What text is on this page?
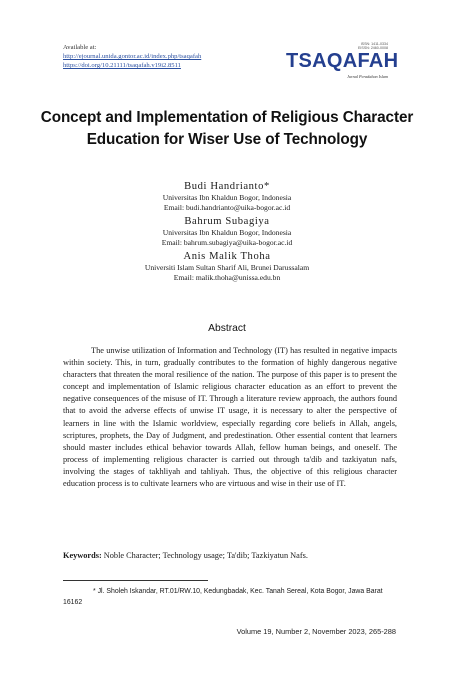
Available at:
http://ejournal.unida.gontor.ac.id/index.php/tsaqafah
https://doi.org/10.21111/tsaqafah.v19i2.8511
ISSN: 1411-0334
EISSN: 2460-0008
TSAQAFAH
Jurnal Peradaban Islam
Concept and Implementation of Religious Character Education for Wiser Use of Technology
Budi Handrianto*
Universitas Ibn Khaldun Bogor, Indonesia
Email: budi.handrianto@uika-bogor.ac.id
Bahrum Subagiya
Universitas Ibn Khaldun Bogor, Indonesia
Email: bahrum.subagiya@uika-bogor.ac.id
Anis Malik Thoha
Universiti Islam Sultan Sharif Ali, Brunei Darussalam
Email: malik.thoha@unissa.edu.bn
Abstract

The unwise utilization of Information and Technology (IT) has resulted in negative impacts within society. This, in turn, gradually contributes to the formation of highly dangerous negative characters that threaten the moral resilience of the nation. The purpose of this paper is to present the concept and implementation of Islamic religious character education as an effort to prevent the negative consequences of the misuse of IT. Through a literature review approach, the authors found that to avoid the adverse effects of unwise IT usage, it is necessary to alter the perspective of learners in line with the Islamic worldview, especially regarding core beliefs in Allah, angels, scriptures, prophets, the Day of Judgment, and predestination. Other essential content that learners should master includes ethical behavior towards Allah, fellow human beings, and oneself. The process of implementing religious character is carried out through ta'dib and tazkiyatun nafs, involving the stages of takhliyah and tahliyah. Thus, the objective of this religious character education process is to cultivate learners who are virtuous and wise in their use of IT.

Keywords: Noble Character; Technology usage; Ta'dib; Tazkiyatun Nafs.
* Jl. Sholeh Iskandar, RT.01/RW.10, Kedungbadak, Kec. Tanah Sereal, Kota Bogor, Jawa Barat 16162
Volume 19, Number 2, November 2023, 265-288
